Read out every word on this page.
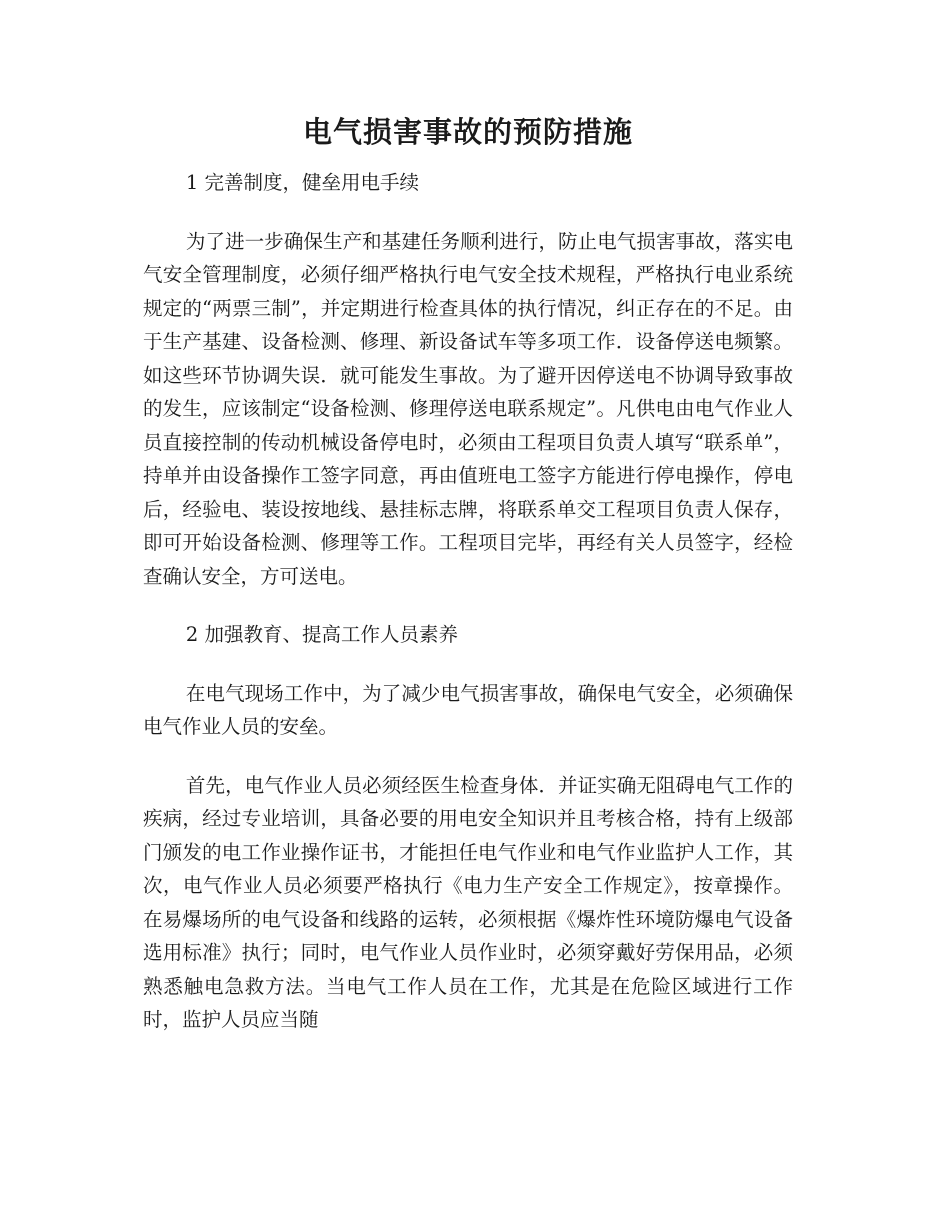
电气损害事故的预防措施

1 完善制度，健垒用电手续

为了进一步确保生产和基建任务顺利进行，防止电气损害事故，落实电气安全管理制度，必须仔细严格执行电气安全技术规程，严格执行电业系统规定的“两票三制”，并定期进行检查具体的执行情况，纠正存在的不足。由于生产基建、设备检测、修理、新设备试车等多项工作．设备停送电频繁。如这些环节协调失误．就可能发生事故。为了避开因停送电不协调导致事故的发生，应该制定“设备检测、修理停送电联系规定”。凡供电由电气作业人员直接控制的传动机械设备停电时，必须由工程项目负责人填写“联系单”，持单并由设备操作工签字同意，再由值班电工签字方能进行停电操作，停电后，经验电、装设按地线、悬挂标志牌，将联系单交工程项目负责人保存，即可开始设备检测、修理等工作。工程项目完毕，再经有关人员签字，经检查确认安全，方可送电。

2 加强教育、提高工作人员素养

在电气现场工作中，为了减少电气损害事故，确保电气安全，必须确保电气作业人员的安垒。

首先，电气作业人员必须经医生检查身体．并证实确无阻碍电气工作的疾病，经过专业培训，具备必要的用电安全知识并且考核合格，持有上级部门颁发的电工作业操作证书，才能担任电气作业和电气作业监护人工作，其次，电气作业人员必须要严格执行《电力生产安全工作规定》，按章操作。在易爆场所的电气设备和线路的运转，必须根据《爆炸性环境防爆电气设备选用标准》执行；同时，电气作业人员作业时，必须穿戴好劳保用品，必须熟悉触电急救方法。当电气工作人员在工作，尤其是在危险区域进行工作时，监护人员应当随
